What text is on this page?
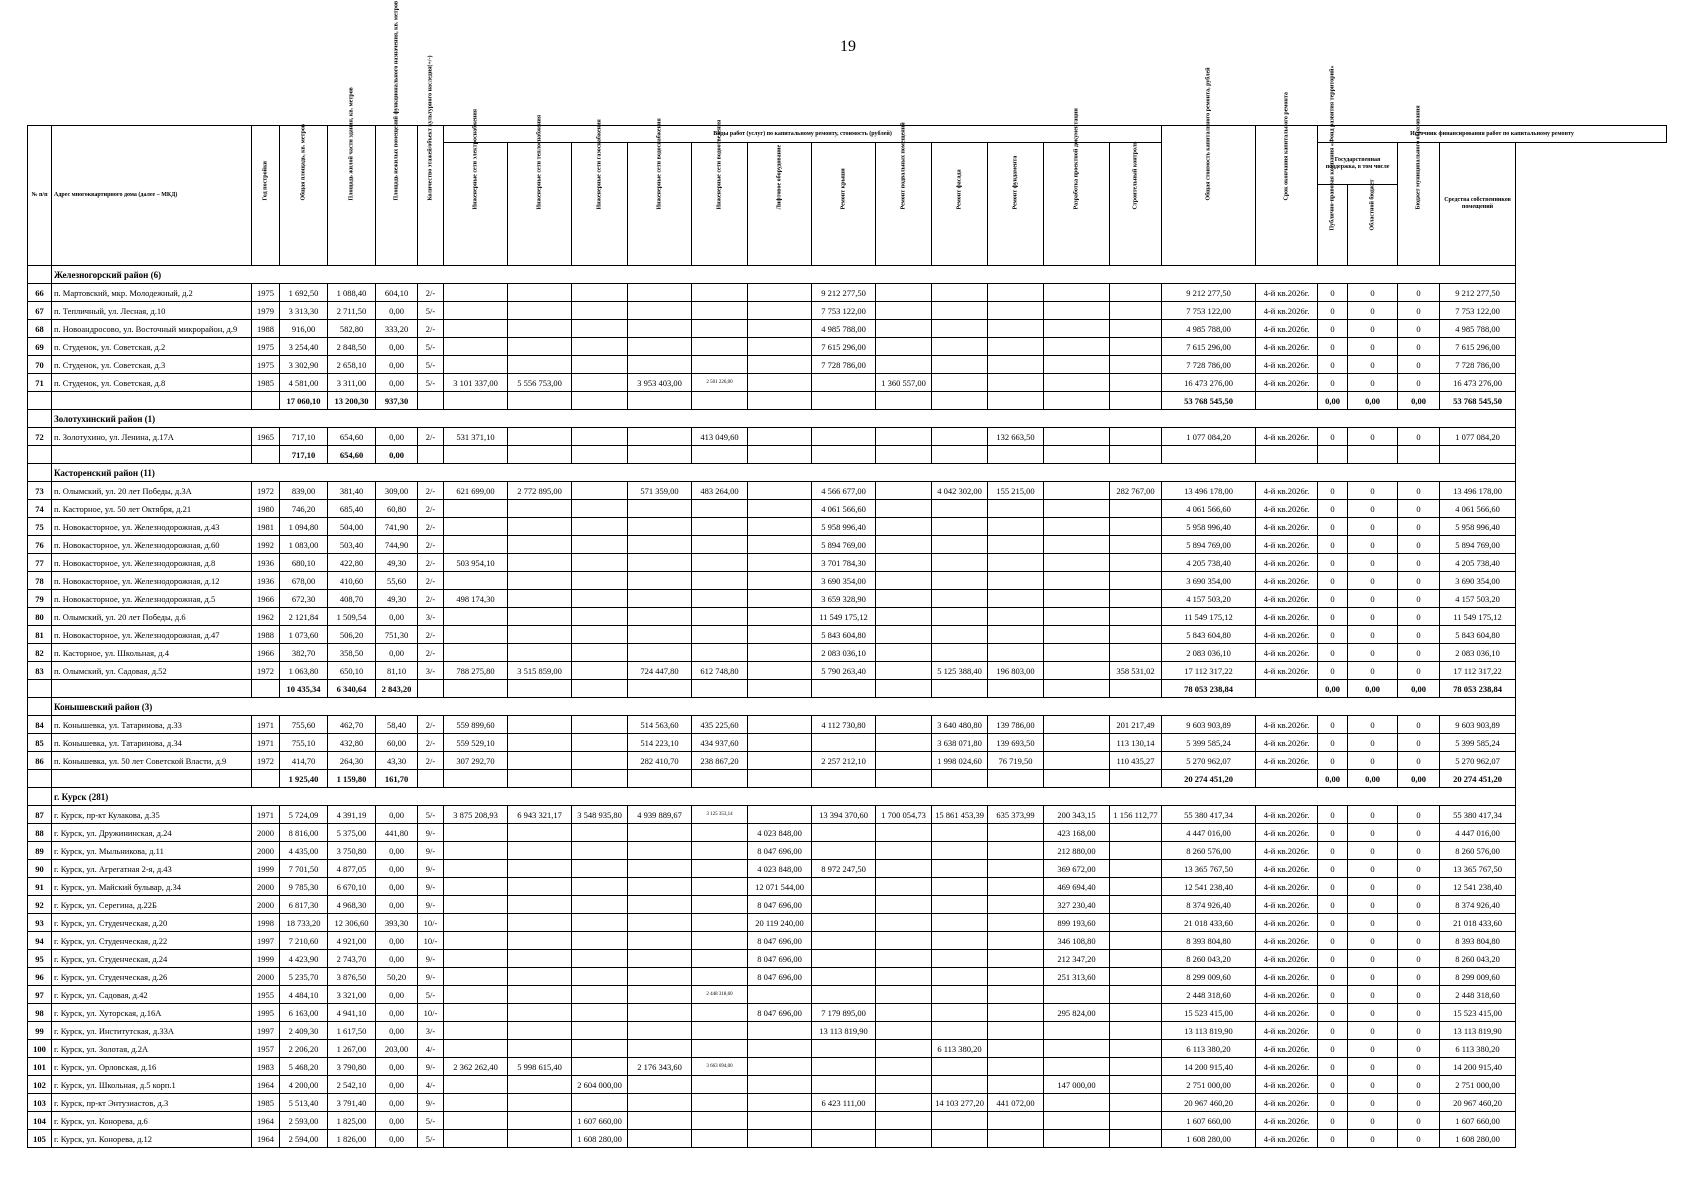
19
№ п/п	Адрес многоквартирного дома (далее – МКД)	Год постройки	Общая площадь, кв. метров	Площадь жилой части здания, кв. метров	Площадь нежилых помещений функционального назначения, кв. метров	Количество этажей/объект культурного наследия(+/-)	Виды работ (услуг) по капитальному ремонту, стоимость (рублей)												Общая стоимость капитального ремонта, рублей	Срок окончания капитального ремонта	Источник финансирования работ по капитальному ремонту			
							Инженерные сети электроснабжения	Инженерные сети теплоснабжения	Инженерные сети газоснабжения	Инженерные сети водоснабжения	Инженерные сети водоотведения	Лифтовое оборудование	Ремонт крыши	Ремонт подвальных помещений	Ремонт фасада	Ремонт фундамента	Разработка проектной документации	Строительный контроль			Государственная поддержка, в том числе		Бюджет муниципального образования	Средства собственников помещений
																					Публично-правовая компания «Фонд развития территорий»	Областной бюджет		
	Железногорский район (6)																							
66	п. Мартовский, мкр. Молодежный, д.2	1975	1 692,50	1 088,40	604,10	2/-							9 212 277,50						9 212 277,50	4-й кв.2026г.	0	0	0	9 212 277,50
67	п. Тепличный, ул. Лесная, д.10	1979	3 313,30	2 711,50	0,00	5/-							7 753 122,00						7 753 122,00	4-й кв.2026г.	0	0	0	7 753 122,00
68	п. Новоандросово, ул. Восточный микрорайон, д.9	1988	916,00	582,80	333,20	2/-							4 985 788,00						4 985 788,00	4-й кв.2026г.	0	0	0	4 985 788,00
69	п. Студенок, ул. Советская, д.2	1975	3 254,40	2 848,50	0,00	5/-							7 615 296,00						7 615 296,00	4-й кв.2026г.	0	0	0	7 615 296,00
70	п. Студенок, ул. Советская, д.3	1975	3 302,90	2 658,10	0,00	5/-							7 728 786,00						7 728 786,00	4-й кв.2026г.	0	0	0	7 728 786,00
71	п. Студенок, ул. Советская, д.8	1985	4 581,00	3 311,00	0,00	5/-	3 101 337,00	5 556 753,00		3 953 403,00	2 501 226,00			1 360 557,00					16 473 276,00	4-й кв.2026г.	0	0	0	16 473 276,00
			17 060,10	13 200,30	937,30														53 768 545,50		0,00	0,00	0,00	53 768 545,50
	Золотухинский район (1)																							
72	п. Золотухино, ул. Ленина, д.17А	1965	717,10	654,60	0,00	2/-	531 371,10				413 049,60					132 663,50			1 077 084,20	4-й кв.2026г.	0	0	0	1 077 084,20
			717,10	654,60	0,00																			
	Касторенский район (11)																							
73	п. Олымский, ул. 20 лет Победы, д.3А	1972	839,00	381,40	309,00	2/-	621 699,00	2 772 895,00		571 359,00	483 264,00		4 566 677,00		4 042 302,00	155 215,00		282 767,00	13 496 178,00	4-й кв.2026г.	0	0	0	13 496 178,00
74	п. Касторное, ул. 50 лет Октября, д.21	1980	746,20	685,40	60,80	2/-							4 061 566,60						4 061 566,60	4-й кв.2026г.	0	0	0	4 061 566,60
75	п. Новокасторное, ул. Железнодорожная, д.43	1981	1 094,80	504,00	741,90	2/-							5 958 996,40						5 958 996,40	4-й кв.2026г.	0	0	0	5 958 996,40
76	п. Новокасторное, ул. Железнодорожная, д.60	1992	1 083,00	503,40	744,90	2/-							5 894 769,00						5 894 769,00	4-й кв.2026г.	0	0	0	5 894 769,00
77	п. Новокасторное, ул. Железнодорожная, д.8	1936	680,10	422,80	49,30	2/-	503 954,10						3 701 784,30						4 205 738,40	4-й кв.2026г.	0	0	0	4 205 738,40
78	п. Новокасторное, ул. Железнодорожная, д.12	1936	678,00	410,60	55,60	2/-							3 690 354,00						3 690 354,00	4-й кв.2026г.	0	0	0	3 690 354,00
79	п. Новокасторное, ул. Железнодорожная, д.5	1966	672,30	408,70	49,30	2/-	498 174,30						3 659 328,90						4 157 503,20	4-й кв.2026г.	0	0	0	4 157 503,20
80	п. Олымский, ул. 20 лет Победы, д.6	1962	2 121,84	1 509,54	0,00	3/-							11 549 175,12						11 549 175,12	4-й кв.2026г.	0	0	0	11 549 175,12
81	п. Новокасторное, ул. Железнодорожная, д.47	1988	1 073,60	506,20	751,30	2/-							5 843 604,80						5 843 604,80	4-й кв.2026г.	0	0	0	5 843 604,80
82	п. Касторное, ул. Школьная, д.4	1966	382,70	358,50	0,00	2/-							2 083 036,10						2 083 036,10	4-й кв.2026г.	0	0	0	2 083 036,10
83	п. Олымский, ул. Садовая, д.52	1972	1 063,80	650,10	81,10	3/-	788 275,80	3 515 859,00		724 447,80	612 748,80		5 790 263,40		5 125 388,40	196 803,00		358 531,02	17 112 317,22	4-й кв.2026г.	0	0	0	17 112 317,22
			10 435,34	6 340,64	2 843,20														78 053 238,84		0,00	0,00	0,00	78 053 238,84
	Конышевский район (3)																							
84	п. Конышевка, ул. Татаринова, д.33	1971	755,60	462,70	58,40	2/-	559 899,60			514 563,60	435 225,60		4 112 730,80		3 640 480,80	139 786,00		201 217,49	9 603 903,89	4-й кв.2026г.	0	0	0	9 603 903,89
85	п. Конышевка, ул. Татаринова, д.34	1971	755,10	432,80	60,00	2/-	559 529,10			514 223,10	434 937,60				3 638 071,80	139 693,50		113 130,14	5 399 585,24	4-й кв.2026г.	0	0	0	5 399 585,24
86	п. Конышевка, ул. 50 лет Советской Власти, д.9	1972	414,70	264,30	43,30	2/-	307 292,70			282 410,70	238 867,20		2 257 212,10		1 998 024,60	76 719,50		110 435,27	5 270 962,07	4-й кв.2026г.	0	0	0	5 270 962,07
			1 925,40	1 159,80	161,70														20 274 451,20		0,00	0,00	0,00	20 274 451,20
	г. Курск (281)																							
87	г. Курск, пр-кт Кулакова, д.35	1971	5 724,09	4 391,19	0,00	5/-	3 875 208,93	6 943 321,17	3 548 935,80	4 939 889,67	3 125 353,14		13 394 370,60	1 700 054,73	15 861 453,39	635 373,99	200 343,15	1 156 112,77	55 380 417,34	4-й кв.2026г.	0	0	0	55 380 417,34
88	г. Курск, ул. Дружининская, д.24	2000	8 816,00	5 375,00	441,80	9/-						4 023 848,00					423 168,00		4 447 016,00	4-й кв.2026г.	0	0	0	4 447 016,00
89	г. Курск, ул. Мыльникова, д.11	2000	4 435,00	3 750,80	0,00	9/-						8 047 696,00					212 880,00		8 260 576,00	4-й кв.2026г.	0	0	0	8 260 576,00
90	г. Курск, ул. Агрегатная 2-я, д.43	1999	7 701,50	4 877,05	0,00	9/-						4 023 848,00	8 972 247,50				369 672,00		13 365 767,50	4-й кв.2026г.	0	0	0	13 365 767,50
91	г. Курск, ул. Майский бульвар, д.34	2000	9 785,30	6 670,10	0,00	9/-						12 071 544,00					469 694,40		12 541 238,40	4-й кв.2026г.	0	0	0	12 541 238,40
92	г. Курск, ул. Серегина, д.22Б	2000	6 817,30	4 968,30	0,00	9/-						8 047 696,00					327 230,40		8 374 926,40	4-й кв.2026г.	0	0	0	8 374 926,40
93	г. Курск, ул. Студенческая, д.20	1998	18 733,20	12 306,60	393,30	10/-						20 119 240,00					899 193,60		21 018 433,60	4-й кв.2026г.	0	0	0	21 018 433,60
94	г. Курск, ул. Студенческая, д.22	1997	7 210,60	4 921,00	0,00	10/-						8 047 696,00					346 108,80		8 393 804,80	4-й кв.2026г.	0	0	0	8 393 804,80
95	г. Курск, ул. Студенческая, д.24	1999	4 423,90	2 743,70	0,00	9/-						8 047 696,00					212 347,20		8 260 043,20	4-й кв.2026г.	0	0	0	8 260 043,20
96	г. Курск, ул. Студенческая, д.26	2000	5 235,70	3 876,50	50,20	9/-						8 047 696,00					251 313,60		8 299 009,60	4-й кв.2026г.	0	0	0	8 299 009,60
97	г. Курск, ул. Садовая, д.42	1955	4 484,10	3 321,00	0,00	5/-					2 448 318,60								2 448 318,60	4-й кв.2026г.	0	0	0	2 448 318,60
98	г. Курск, ул. Хуторская, д.16А	1995	6 163,00	4 941,10	0,00	10/-						8 047 696,00	7 179 895,00				295 824,00		15 523 415,00	4-й кв.2026г.	0	0	0	15 523 415,00
99	г. Курск, ул. Институтская, д.33А	1997	2 409,30	1 617,50	0,00	3/-							13 113 819,90						13 113 819,90	4-й кв.2026г.	0	0	0	13 113 819,90
100	г. Курск, ул. Золотая, д.2А	1957	2 206,20	1 267,00	203,00	4/-									6 113 380,20				6 113 380,20	4-й кв.2026г.	0	0	0	6 113 380,20
101	г. Курск, ул. Орловская, д.16	1983	5 468,20	3 790,80	0,00	9/-	2 362 262,40	5 998 615,40		2 176 343,60	3 663 694,00								14 200 915,40	4-й кв.2026г.	0	0	0	14 200 915,40
102	г. Курск, ул. Школьная, д.5 корп.1	1964	4 200,00	2 542,10	0,00	4/-			2 604 000,00								147 000,00		2 751 000,00	4-й кв.2026г.	0	0	0	2 751 000,00
103	г. Курск, пр-кт Энтузиастов, д.3	1985	5 513,40	3 791,40	0,00	9/-							6 423 111,00		14 103 277,20	441 072,00			20 967 460,20	4-й кв.2026г.	0	0	0	20 967 460,20
104	г. Курск, ул. Конорева, д.6	1964	2 593,00	1 825,00	0,00	5/-			1 607 660,00										1 607 660,00	4-й кв.2026г.	0	0	0	1 607 660,00
105	г. Курск, ул. Конорева, д.12	1964	2 594,00	1 826,00	0,00	5/-			1 608 280,00										1 608 280,00	4-й кв.2026г.	0	0	0	1 608 280,00
